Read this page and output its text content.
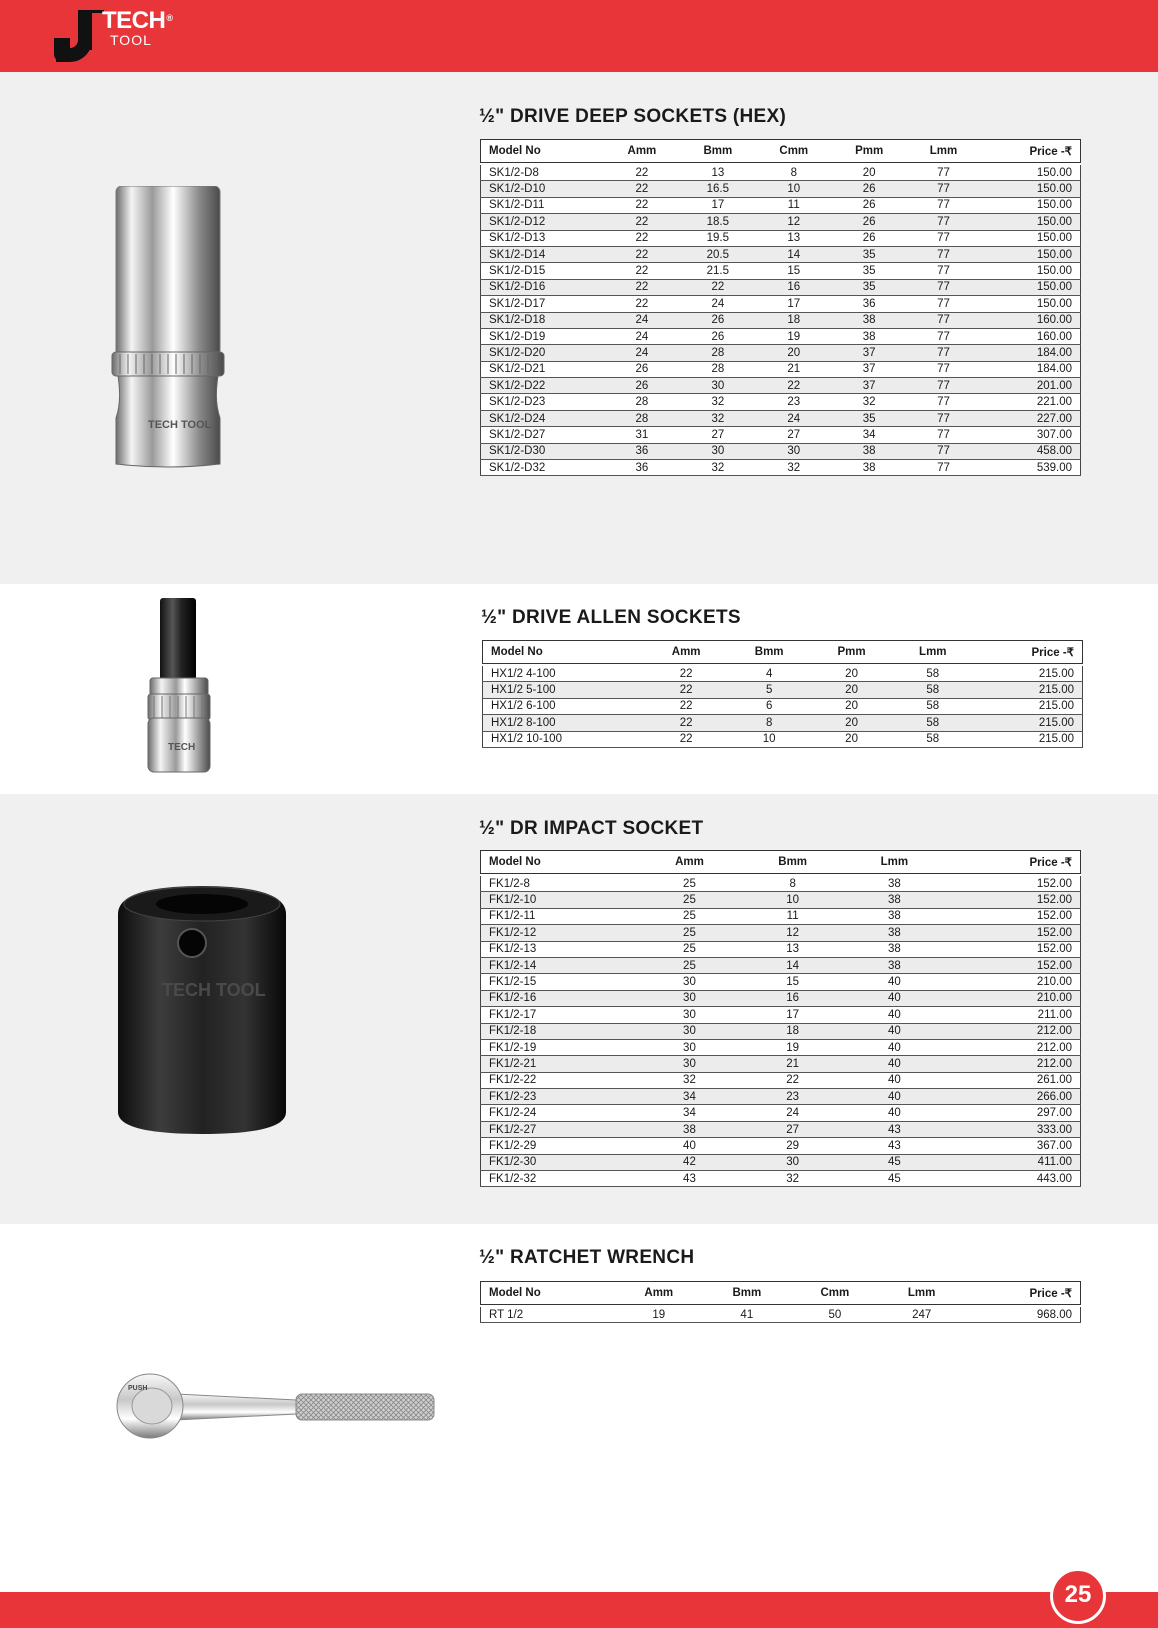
TECH®
TOOL
TECH TOOL
TECH
TECH TOOL
PUSH
½" DRIVE DEEP SOCKETS (HEX)
½" DRIVE ALLEN SOCKETS
½" DR IMPACT SOCKET
½" RATCHET WRENCH
Model No	Amm	Bmm	Cmm	Pmm	Lmm	Price -₹

SK1/2-D8	22	13	8	20	77	150.00
SK1/2-D10	22	16.5	10	26	77	150.00
SK1/2-D11	22	17	11	26	77	150.00
SK1/2-D12	22	18.5	12	26	77	150.00
SK1/2-D13	22	19.5	13	26	77	150.00
SK1/2-D14	22	20.5	14	35	77	150.00
SK1/2-D15	22	21.5	15	35	77	150.00
SK1/2-D16	22	22	16	35	77	150.00
SK1/2-D17	22	24	17	36	77	150.00
SK1/2-D18	24	26	18	38	77	160.00
SK1/2-D19	24	26	19	38	77	160.00
SK1/2-D20	24	28	20	37	77	184.00
SK1/2-D21	26	28	21	37	77	184.00
SK1/2-D22	26	30	22	37	77	201.00
SK1/2-D23	28	32	23	32	77	221.00
SK1/2-D24	28	32	24	35	77	227.00
SK1/2-D27	31	27	27	34	77	307.00
SK1/2-D30	36	30	30	38	77	458.00
SK1/2-D32	36	32	32	38	77	539.00
Model No	Amm	Bmm	Pmm	Lmm	Price -₹

HX1/2 4-100	22	4	20	58	215.00
HX1/2 5-100	22	5	20	58	215.00
HX1/2 6-100	22	6	20	58	215.00
HX1/2 8-100	22	8	20	58	215.00
HX1/2 10-100	22	10	20	58	215.00
Model No	Amm	Bmm	Lmm	Price -₹

FK1/2-8	25	8	38	152.00
FK1/2-10	25	10	38	152.00
FK1/2-11	25	11	38	152.00
FK1/2-12	25	12	38	152.00
FK1/2-13	25	13	38	152.00
FK1/2-14	25	14	38	152.00
FK1/2-15	30	15	40	210.00
FK1/2-16	30	16	40	210.00
FK1/2-17	30	17	40	211.00
FK1/2-18	30	18	40	212.00
FK1/2-19	30	19	40	212.00
FK1/2-21	30	21	40	212.00
FK1/2-22	32	22	40	261.00
FK1/2-23	34	23	40	266.00
FK1/2-24	34	24	40	297.00
FK1/2-27	38	27	43	333.00
FK1/2-29	40	29	43	367.00
FK1/2-30	42	30	45	411.00
FK1/2-32	43	32	45	443.00
Model No	Amm	Bmm	Cmm	Lmm	Price -₹

RT 1/2	19	41	50	247	968.00
25
